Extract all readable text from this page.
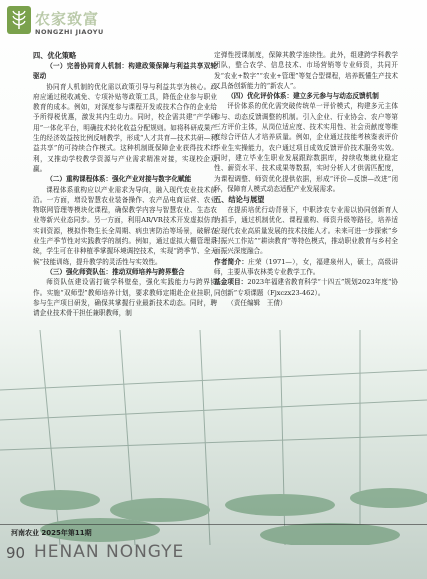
农家致富
NONGZHI JIAOYU
四、优化策略

（一）完善协同育人机制：构建政策保障与利益共享双轮驱动

协同育人机制的优化需以政策引导与利益共享为核心。政府应通过税收减免、专项补贴等政策工具，降低企业参与职业教育的成本。例如，对深度参与课程开发或技术合作的企业给予所得税优惠，激发其内生动力。同时，校企需共建“产学研用”一体化平台，明确技术转化收益分配规则。如将科研成果产生的经济效益按比例反哺教学，形成“人才共育—技术共研—利益共享”的可持续合作模式。这种机制既保障企业获得技术红利，又推动学校教学资源与产业需求精准对接，实现校企双赢。

（二）重构课程体系：强化产业对接与数字化赋能

课程体系重构应以产业需求为导向，融入现代农业技术前沿。一方面，增设智慧农业装备操作、农产品电商运营、农业物联网管理等模块化课程，确保教学内容与智慧农业、生态农业等新兴业态同步。另一方面，利用AR/VR技术开发虚拟仿真实训资源，模拟作物生长全周期、病虫害防治等场景，破解农业生产季节性对实践教学的制约。例如，通过虚拟大棚管理系统，学生可在非种植季掌握环境调控技术，实现“跨季节、全天候”技能训练，提升教学的灵活性与实效性。

（三）强化师资队伍：推动双师培养与跨界整合

师资队伍建设需打破学科壁垒，强化实践能力与跨界协作。实施“双师型”教师培养计划，要求教师定期赴企业挂职，参与生产项目研发，确保其掌握行业最新技术动态。同时，聘请企业技术骨干担任兼职教师，制

定弹性授课制度，保障其教学连续性。此外，组建跨学科教学团队，整合农学、信息技术、市场营销等专业师资，共同开发“农业+数字”“农业+管理”等复合型课程，培养既懂生产技术又具备创新能力的“新农人”。

（四）优化评价体系：建立多元参与与动态反馈机制

评价体系的优化需突破传统单一评价模式，构建多元主体参与、动态反馈调整的机制。引入企业、行业协会、农户等第三方评价主体，从岗位适应度、技术实用性、社会贡献度等维度综合评估人才培养质量。例如，企业通过技能考核鉴表评价毕业生实操能力，农户通过项目成效反馈评价技术服务实效。同时，建立毕业生职业发展跟踪数据库，持续收集就业稳定性、薪资水平、技术成果等数据，实时分析人才供需匹配度，为课程调整、师资优化提供依据，形成“评价—反馈—改进”闭环，保障育人模式动态适配产业发展需求。

五、结论与展望

在提质培优行动背景下，中职涉农专业需以协同创新育人为抓手，通过机制优化、课程重构、师资升级等路径，培养适应现代农业高质量发展的技术技能人才。未来可进一步探索“乡村振兴工作站”“耕读教育”等特色模式，推动职业教育与乡村全面振兴深度融合。

作者简介：庄荣（1971—），女，福建泉州人，硕士，高级讲师，主要从事农林类专业教学工作。

基金项目：2023年福建省教育科学“十四五”规划2023年度“协同创新”专项课题（Fjxczx23-462）。

（责任编辑　王倩）

河南农业 2025年第11期
90 HENAN NONGYE
